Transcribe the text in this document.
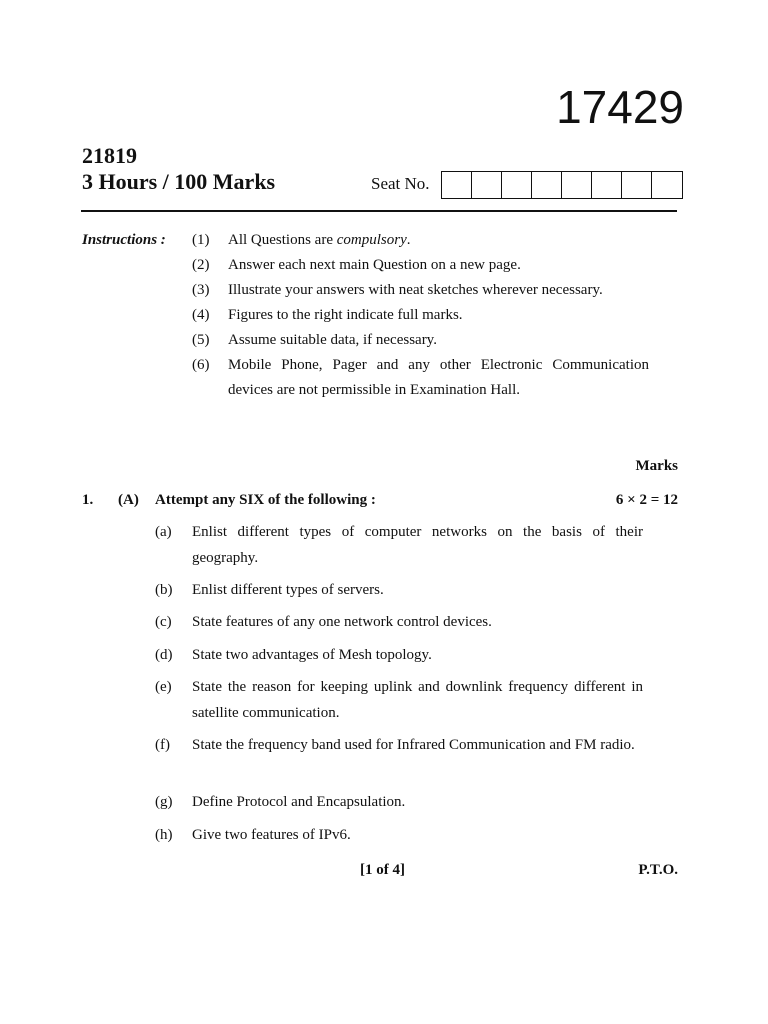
17429
21819
3 Hours / 100 Marks	Seat No.
Instructions : (1) All Questions are compulsory.
(2) Answer each next main Question on a new page.
(3) Illustrate your answers with neat sketches wherever necessary.
(4) Figures to the right indicate full marks.
(5) Assume suitable data, if necessary.
(6) Mobile Phone, Pager and any other Electronic Communication devices are not permissible in Examination Hall.
Marks
1. (A) Attempt any SIX of the following :	6 × 2 = 12
(a) Enlist different types of computer networks on the basis of their geography.
(b) Enlist different types of servers.
(c) State features of any one network control devices.
(d) State two advantages of Mesh topology.
(e) State the reason for keeping uplink and downlink frequency different in satellite communication.
(f) State the frequency band used for Infrared Communication and FM radio.
(g) Define Protocol and Encapsulation.
(h) Give two features of IPv6.
[1 of 4]	P.T.O.
